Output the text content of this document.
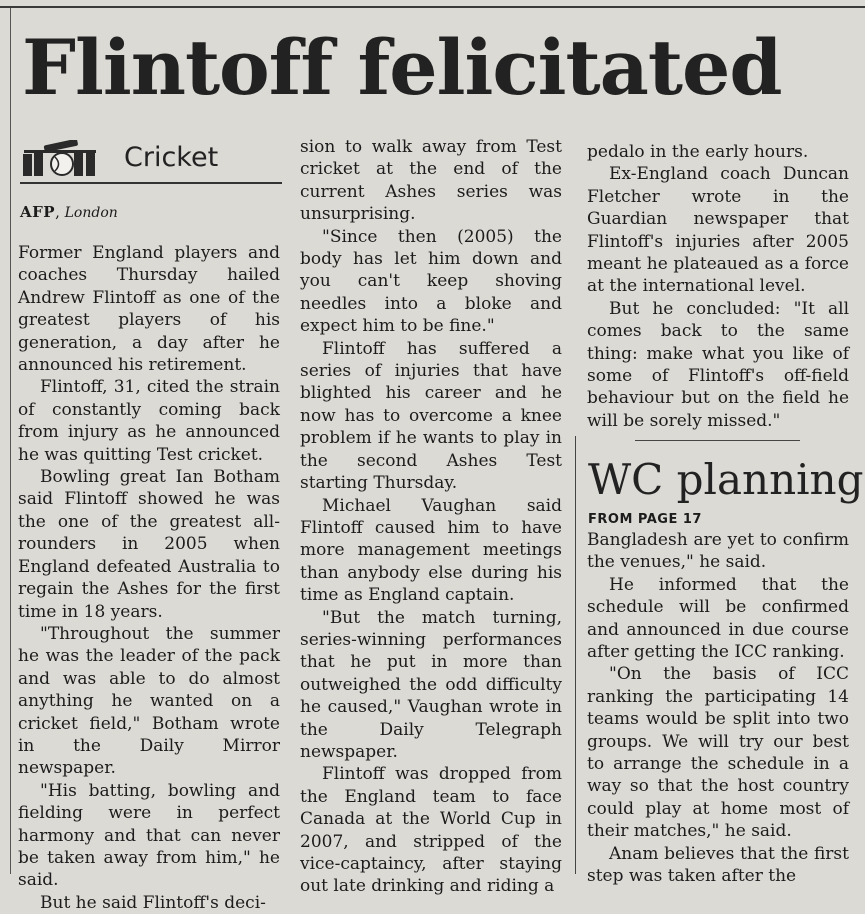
Flintoff felicitated
Cricket
AFP, London

Former England players and coaches Thursday hailed Andrew Flintoff as one of the greatest players of his generation, a day after he announced his retirement.

Flintoff, 31, cited the strain of constantly coming back from injury as he announced he was quitting Test cricket.

Bowling great Ian Botham said Flintoff showed he was the one of the greatest all-rounders in 2005 when England defeated Australia to regain the Ashes for the first time in 18 years.

"Throughout the summer he was the leader of the pack and was able to do almost anything he wanted on a cricket field," Botham wrote in the Daily Mirror newspaper.

"His batting, bowling and fielding were in perfect harmony and that can never be taken away from him," he said.

But he said Flintoff's deci-

sion to walk away from Test cricket at the end of the current Ashes series was unsurprising.

"Since then (2005) the body has let him down and you can't keep shoving needles into a bloke and expect him to be fine."

Flintoff has suffered a series of injuries that have blighted his career and he now has to overcome a knee problem if he wants to play in the second Ashes Test starting Thursday.

Michael Vaughan said Flintoff caused him to have more management meetings than anybody else during his time as England captain.

"But the match turning, series-winning performances that he put in more than outweighed the odd difficulty he caused," Vaughan wrote in the Daily Telegraph newspaper.

Flintoff was dropped from the England team to face Canada at the World Cup in 2007, and stripped of the vice-captaincy, after staying out late drinking and riding a

pedalo in the early hours.

Ex-England coach Duncan Fletcher wrote in the Guardian newspaper that Flintoff's injuries after 2005 meant he plateaued as a force at the international level.

But he concluded: "It all comes back to the same thing: make what you like of some of Flintoff's off-field behaviour but on the field he will be sorely missed."

WC planning
FROM PAGE 17

Bangladesh are yet to confirm the venues," he said.

He informed that the schedule will be confirmed and announced in due course after getting the ICC ranking.

"On the basis of ICC ranking the participating 14 teams would be split into two groups. We will try our best to arrange the schedule in a way so that the host country could play at home most of their matches," he said.

Anam believes that the first step was taken after the
